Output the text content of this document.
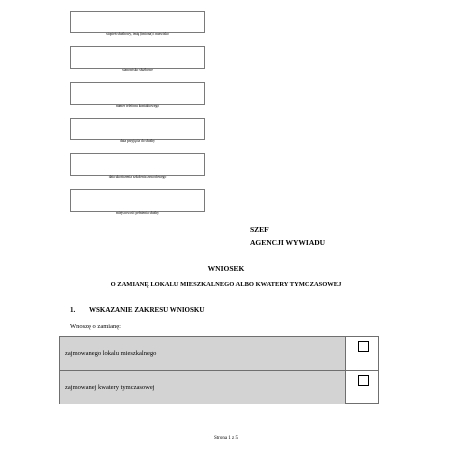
stopień służbowy, imię (imiona) i nazwisko
stanowisko służbowe
numer telefonu kontaktowego
data przyjęcia do służby
data ukończenia szkolenia zawodowego
miejscowość pełnienia służby
SZEF
AGENCJI WYWIADU
WNIOSEK
O ZAMIANĘ LOKALU MIESZKALNEGO ALBO KWATERY TYMCZASOWEJ
1. WSKAZANIE ZAKRESU WNIOSKU
Wnoszę o zamianę:
zajmowanego lokalu mieszkalnego
zajmowanej kwatery tymczasowej
Strona 1 z 5
